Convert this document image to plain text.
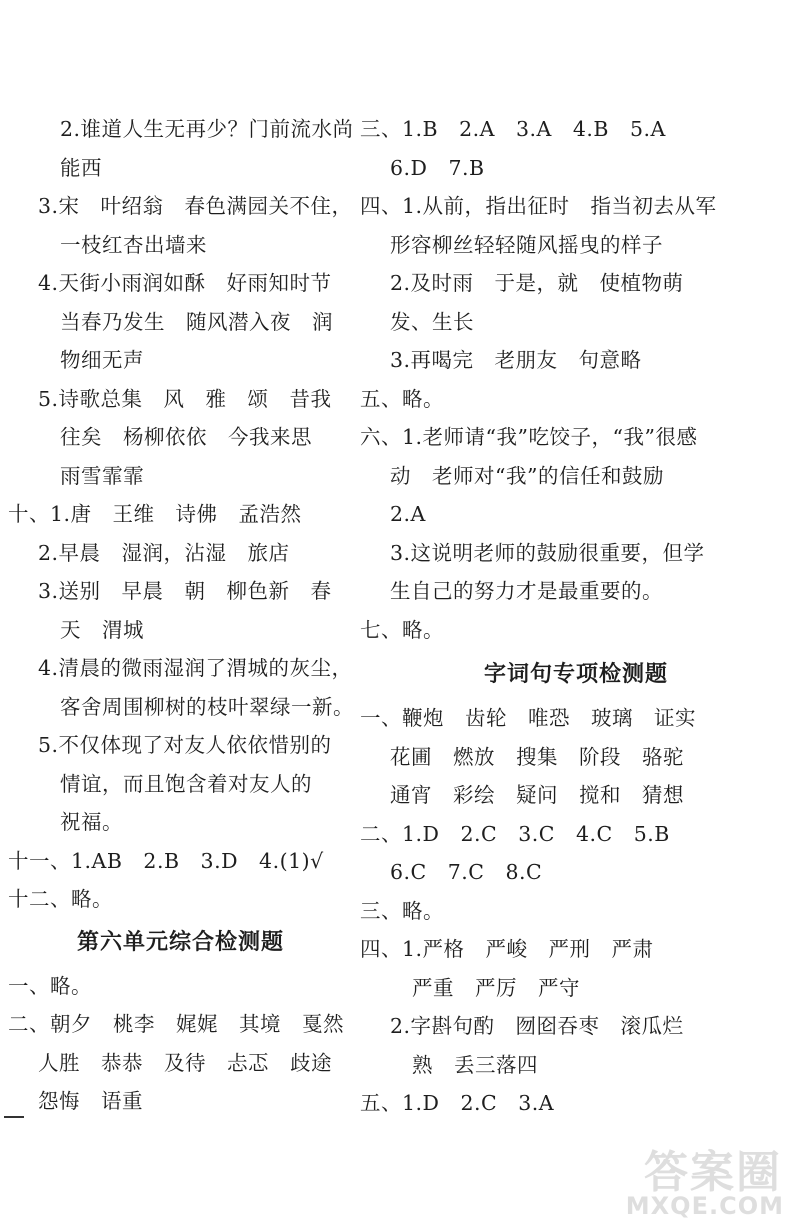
2.谁道人生无再少？门前流水尚
能西
3.宋　叶绍翁　春色满园关不住，
一枝红杏出墙来
4.天街小雨润如酥　好雨知时节
当春乃发生　随风潜入夜　润
物细无声
5.诗歌总集　风　雅　颂　昔我
往矣　杨柳依依　今我来思
雨雪霏霏
十、1.唐　王维　诗佛　孟浩然
2.早晨　湿润，沾湿　旅店
3.送别　早晨　朝　柳色新　春
天　渭城
4.清晨的微雨湿润了渭城的灰尘，
客舍周围柳树的枝叶翠绿一新。
5.不仅体现了对友人依依惜别的
情谊，而且饱含着对友人的
祝福。
十一、1.AB　2.B　3.D　4.(1)√
十二、略。
第六单元综合检测题
一、略。
二、朝夕　桃李　娓娓　其境　戛然
人胜　恭恭　及待　忐忑　歧途
怨悔　语重
三、1.B　2.A　3.A　4.B　5.A
6.D　7.B
四、1.从前，指出征时　指当初去从军
形容柳丝轻轻随风摇曳的样子
2.及时雨　于是，就　使植物萌
发、生长
3.再喝完　老朋友　句意略
五、略。
六、1.老师请“我”吃饺子，“我”很感
动　老师对“我”的信任和鼓励
2.A
3.这说明老师的鼓励很重要，但学
生自己的努力才是最重要的。
七、略。
字词句专项检测题
一、鞭炮　齿轮　唯恐　玻璃　证实
花圃　燃放　搜集　阶段　骆驼
通宵　彩绘　疑问　搅和　猜想
二、1.D　2.C　3.C　4.C　5.B
6.C　7.C　8.C
三、略。
四、1.严格　严峻　严刑　严肃
严重　严厉　严守
2.字斟句酌　囫囵吞枣　滚瓜烂
熟　丢三落四
五、1.D　2.C　3.A
答案圈
MXQE.COM
